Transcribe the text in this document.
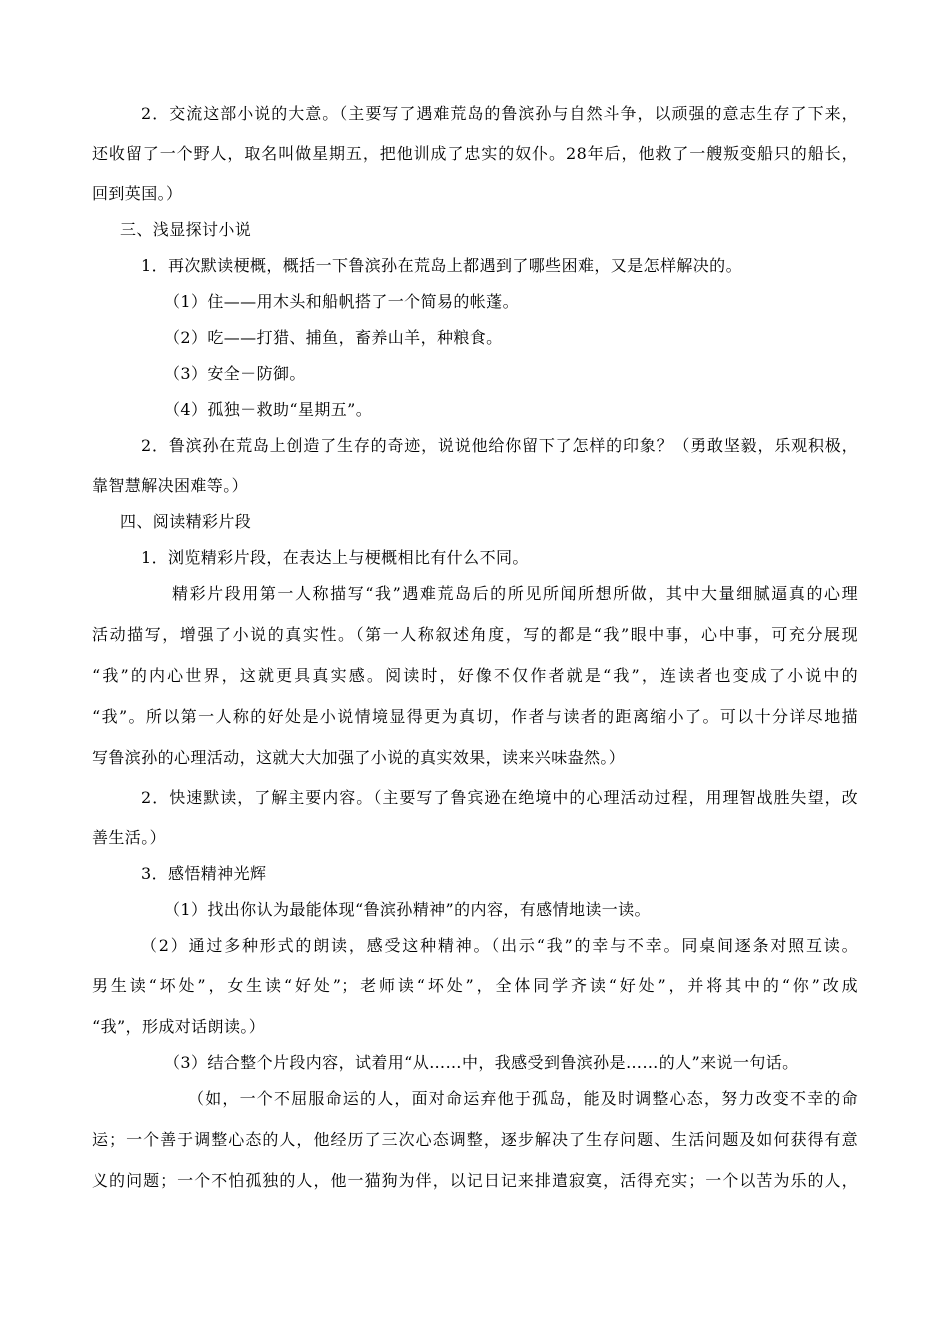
2．交流这部小说的大意。（主要写了遇难荒岛的鲁滨孙与自然斗争，以顽强的意志生存了下来，
还收留了一个野人，取名叫做星期五，把他训成了忠实的奴仆。28年后，他救了一艘叛变船只的船长，
回到英国。）
三、浅显探讨小说
1．再次默读梗概，概括一下鲁滨孙在荒岛上都遇到了哪些困难，又是怎样解决的。
（1）住——用木头和船帆搭了一个简易的帐蓬。
（2）吃——打猎、捕鱼，畜养山羊，种粮食。
（3）安全－防御。
（4）孤独－救助“星期五”。
2．鲁滨孙在荒岛上创造了生存的奇迹，说说他给你留下了怎样的印象？（勇敢坚毅，乐观积极，
靠智慧解决困难等。）
四、阅读精彩片段
1．浏览精彩片段，在表达上与梗概相比有什么不同。
精彩片段用第一人称描写“我”遇难荒岛后的所见所闻所想所做，其中大量细腻逼真的心理
活动描写，增强了小说的真实性。（第一人称叙述角度，写的都是“我”眼中事，心中事，可充分展现
“我”的内心世界，这就更具真实感。阅读时，好像不仅作者就是“我”，连读者也变成了小说中的
“我”。所以第一人称的好处是小说情境显得更为真切，作者与读者的距离缩小了。可以十分详尽地描
写鲁滨孙的心理活动，这就大大加强了小说的真实效果，读来兴味盎然。）
2．快速默读，了解主要内容。（主要写了鲁宾逊在绝境中的心理活动过程，用理智战胜失望，改
善生活。）
3．感悟精神光辉
（1）找出你认为最能体现“鲁滨孙精神”的内容，有感情地读一读。
（2）通过多种形式的朗读，感受这种精神。（出示“我”的幸与不幸。同桌间逐条对照互读。
男生读“坏处”，女生读“好处”；老师读“坏处”，全体同学齐读“好处”，并将其中的“你”改成
“我”，形成对话朗读。）
（3）结合整个片段内容，试着用“从……中，我感受到鲁滨孙是……的人”来说一句话。
（如，一个不屈服命运的人，面对命运弃他于孤岛，能及时调整心态，努力改变不幸的命
运；一个善于调整心态的人，他经历了三次心态调整，逐步解决了生存问题、生活问题及如何获得有意
义的问题；一个不怕孤独的人，他一猫狗为伴，以记日记来排遣寂寞，活得充实；一个以苦为乐的人，
